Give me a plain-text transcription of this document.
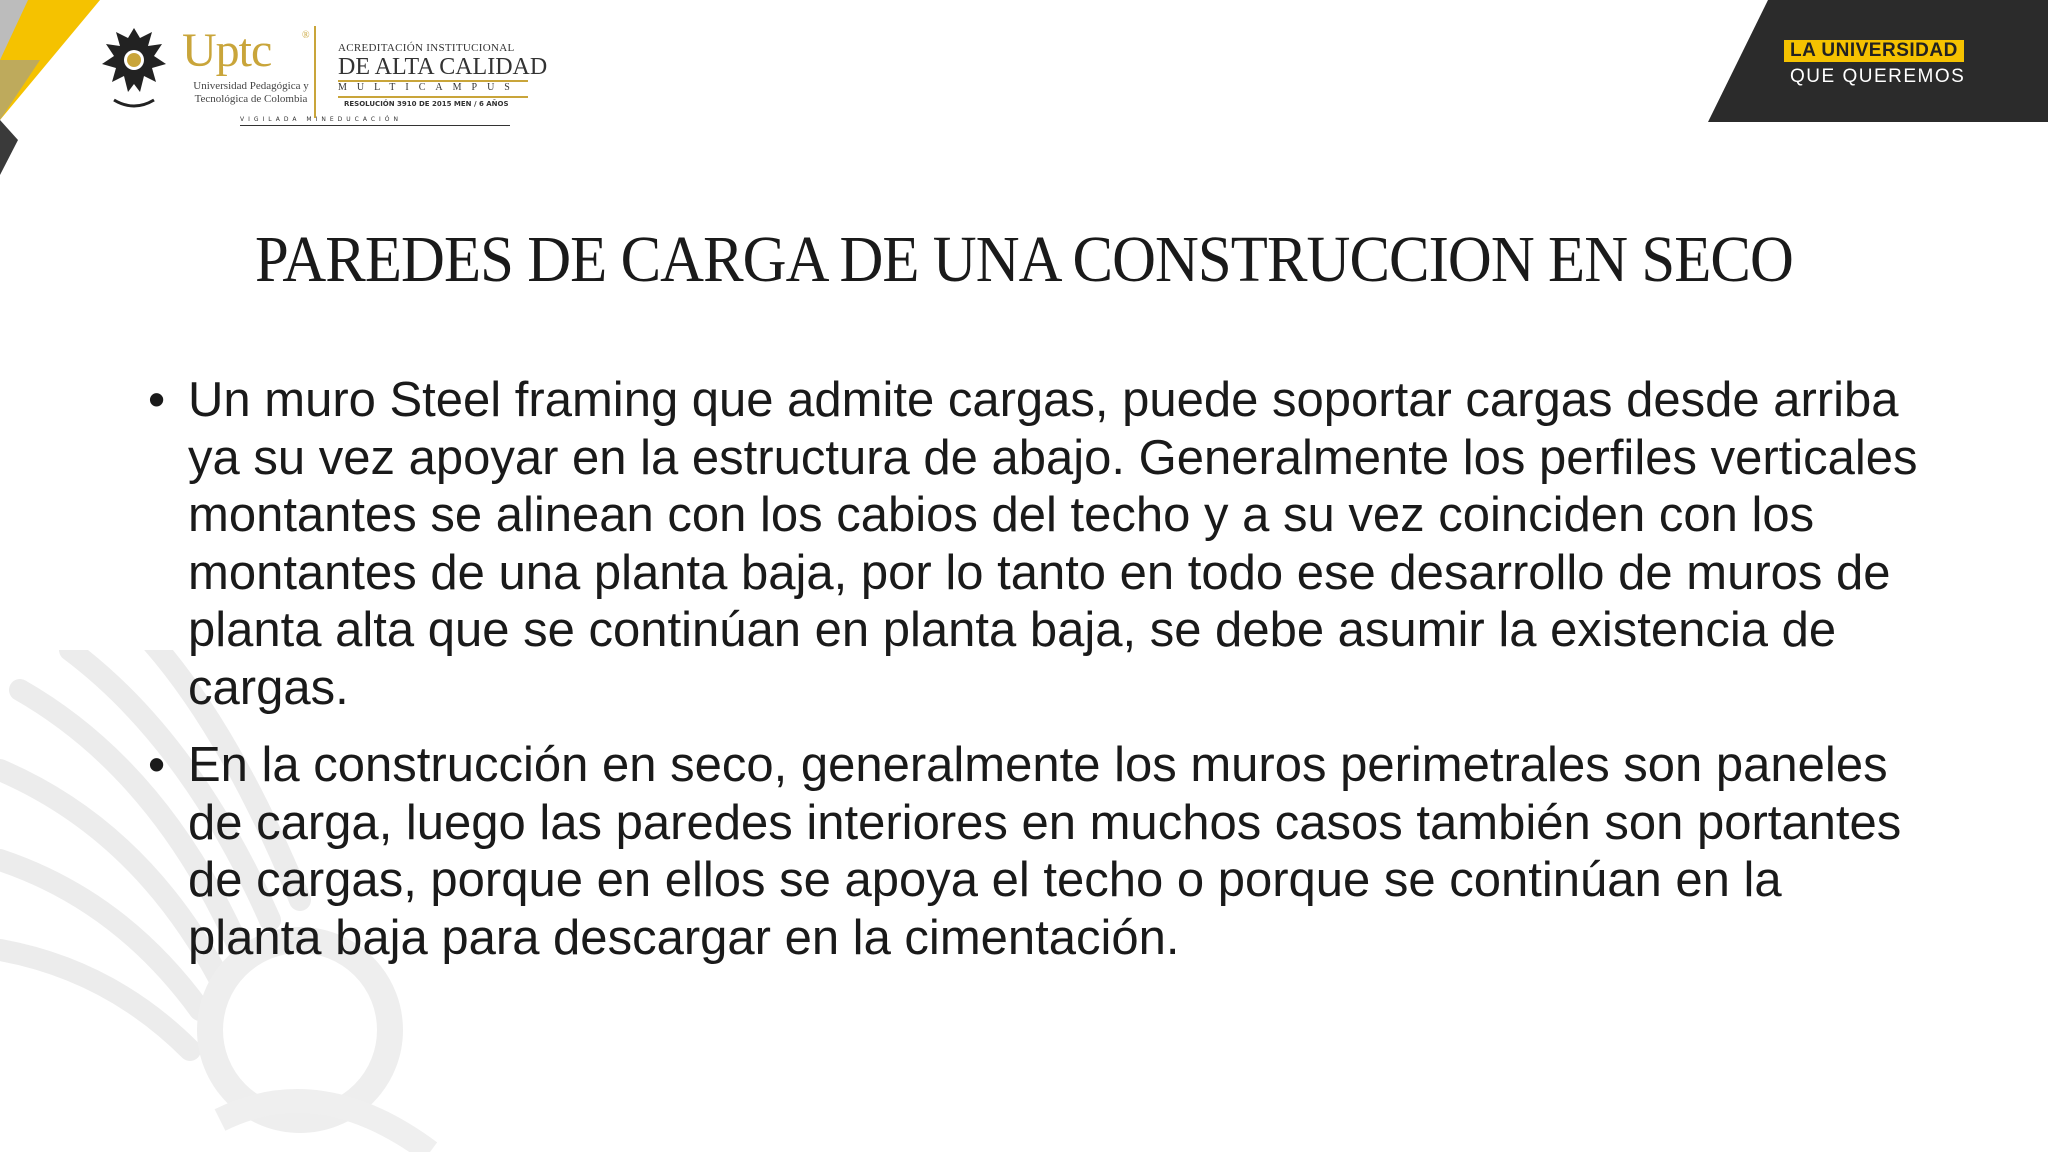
Uptc	®
Universidad Pedagógica y Tecnológica de Colombia
ACREDITACIÓN INSTITUCIONAL
DE ALTA CALIDAD
MULTICAMPUS
RESOLUCIÓN 3910 DE 2015 MEN / 6 AÑOS
VIGILADA MINEDUCACIÓN
LA UNIVERSIDAD
QUE QUEREMOS
PAREDES DE CARGA DE UNA CONSTRUCCION EN SECO
• Un muro Steel framing que admite cargas, puede soportar cargas desde arriba ya su vez apoyar en la estructura de abajo. Generalmente los perfiles verticales montantes se alinean con los cabios del techo y a su vez coinciden con los montantes de una planta baja, por lo tanto en todo ese desarrollo de muros de planta alta que se continúan en planta baja, se debe asumir la existencia de cargas.
• En la construcción en seco, generalmente los muros perimetrales son paneles de carga, luego las paredes interiores en muchos casos también son portantes de cargas, porque en ellos se apoya el techo o porque se continúan en la planta baja para descargar en la cimentación.
